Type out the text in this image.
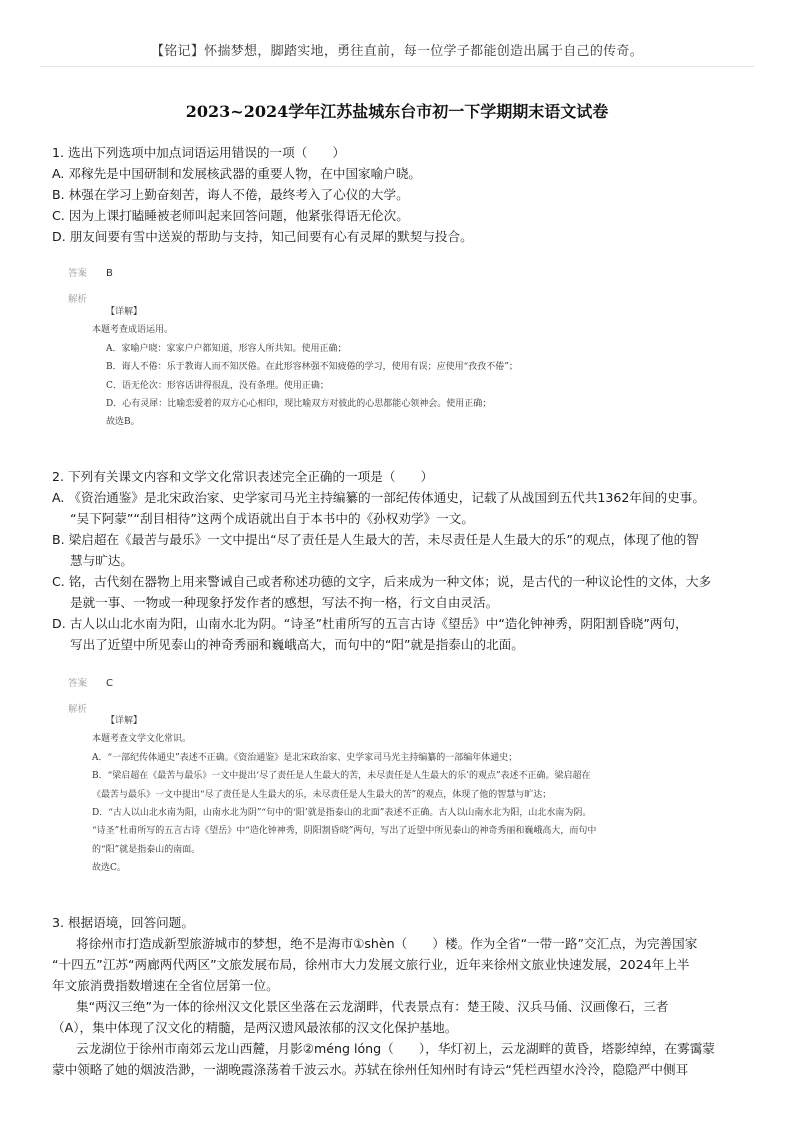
【铭记】怀揣梦想，脚踏实地，勇往直前，每一位学子都能创造出属于自己的传奇。
2023~2024学年江苏盐城东台市初一下学期期末语文试卷
1. 选出下列选项中加点词语运用错误的一项（　　）
A. 邓稼先是中国研制和发展核武器的重要人物，在中国家喻户晓。
B. 林强在学习上勤奋刻苦，诲人不倦，最终考入了心仪的大学。
C. 因为上课打瞌睡被老师叫起来回答问题，他紧张得语无伦次。
D. 朋友间要有雪中送炭的帮助与支持，知己间要有心有灵犀的默契与投合。
答案 B
解析
【详解】
本题考查成语运用。
A．家喻户晓：家家户户都知道，形容人所共知。使用正确；
B．诲人不倦：乐于教诲人而不知厌倦。在此形容林强不知疲倦的学习，使用有误；应使用“孜孜不倦”；
C．语无伦次：形容话讲得很乱，没有条理。使用正确；
D．心有灵犀：比喻恋爱着的双方心心相印，现比喻双方对彼此的心思都能心领神会。使用正确；
故选B。
2. 下列有关课文内容和文学文化常识表述完全正确的一项是（　　）
A. 《资治通鉴》是北宋政治家、史学家司马光主持编纂的一部纪传体通史，记载了从战国到五代共1362年间的史事。
“吴下阿蒙”“刮目相待”这两个成语就出自于本书中的《孙权劝学》一文。
B. 梁启超在《最苦与最乐》一文中提出“尽了责任是人生最大的苦，未尽责任是人生最大的乐”的观点，体现了他的智
慧与旷达。
C. 铭，古代刻在器物上用来警诫自己或者称述功德的文字，后来成为一种文体；说，是古代的一种议论性的文体，大多
是就一事、一物或一种现象抒发作者的感想，写法不拘一格，行文自由灵活。
D. 古人以山北水南为阳，山南水北为阴。“诗圣”杜甫所写的五言古诗《望岳》中“造化钟神秀，阴阳割昏晓”两句，
写出了近望中所见泰山的神奇秀丽和巍峨高大，而句中的“阳”就是指泰山的北面。
答案 C
解析
【详解】
本题考查文学文化常识。
A．“一部纪传体通史”表述不正确。《资治通鉴》是北宋政治家、史学家司马光主持编纂的一部编年体通史；
B．“梁启超在《最苦与最乐》一文中提出‘尽了责任是人生最大的苦，未尽责任是人生最大的乐’的观点”表述不正确。梁启超在
《最苦与最乐》一文中提出“尽了责任是人生最大的乐，未尽责任是人生最大的苦”的观点，体现了他的智慧与旷达；
D．“古人以山北水南为阳，山南水北为阴”“句中的‘阳’就是指泰山的北面”表述不正确。古人以山南水北为阳，山北水南为阴。
“诗圣”杜甫所写的五言古诗《望岳》中“造化钟神秀，阴阳割昏晓”两句，写出了近望中所见泰山的神奇秀丽和巍峨高大，而句中
的“阳”就是指泰山的南面。
故选C。
3. 根据语境，回答问题。
将徐州市打造成新型旅游城市的梦想，绝不是海市①shèn（　　）楼。作为全省“一带一路”交汇点，为完善国家
“十四五”江苏“两廊两代两区”文旅发展布局，徐州市大力发展文旅行业，近年来徐州文旅业快速发展，2024年上半
年文旅消费指数增速在全省位居第一位。
集“两汉三绝”为一体的徐州汉文化景区坐落在云龙湖畔，代表景点有：楚王陵、汉兵马俑、汉画像石，三者
（A），集中体现了汉文化的精髓，是两汉遗风最浓郁的汉文化保护基地。
云龙湖位于徐州市南郊云龙山西麓，月影②méng lóng（　　），华灯初上，云龙湖畔的黄昏，塔影绰绰，在雾霭蒙
蒙中领略了她的烟波浩渺，一湖晚霞涤荡着千波云水。苏轼在徐州任知州时有诗云“凭栏西望水泠泠，隐隐严中侧耳
